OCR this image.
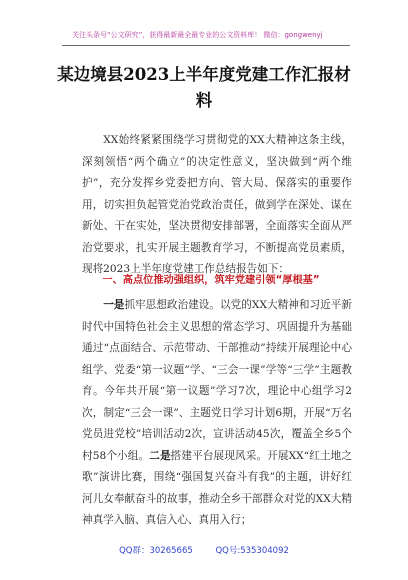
关注头条号“公文研究”，获得最新最全最专业的公文资料库！ 微信：gongwenyj
某边境县2023上半年度党建工作汇报材料

XX始终紧紧围绕学习贯彻党的XX大精神这条主线，深刻领悟“两个确立”的决定性意义，坚决做到“两个维护”，充分发挥乡党委把方向、管大局、保落实的重要作用，切实担负起管党治党政治责任，做到学在深处、谋在新处、干在实处，坚决贯彻安排部署，全面落实全面从严治党要求，扎实开展主题教育学习，不断提高党员素质，现将2023上半年度党建工作总结报告如下：

一、高点位推动强组织，筑牢党建引领“厚根基”

一是抓牢思想政治建设。以党的XX大精神和习近平新时代中国特色社会主义思想的常态学习、巩固提升为基础通过“点面结合、示范带动、干部推动”持续开展理论中心组学、党委“第一议题”学、“三会一课”学等“三学”主题教育。今年共开展“第一议题”学习7次，理论中心组学习2次，制定“三会一课”、主题党日学习计划6期，开展“万名党员进党校”培训活动2次，宣讲活动45次，覆盖全乡5个村58个小组。二是搭建平台展现风采。开展XX“红土地之歌”演讲比赛，围绕“强国复兴奋斗有我”的主题，讲好红河儿女奉献奋斗的故事，推动全乡干部群众对党的XX大精神真学入脑、真信入心、真用入行；

QQ群：30265665	QQ号:535304092
